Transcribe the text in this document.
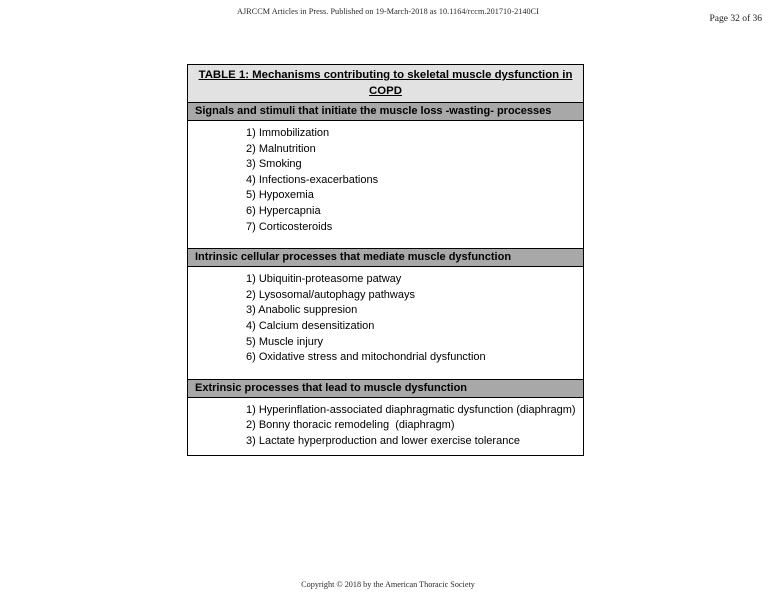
AJRCCM Articles in Press. Published on 19-March-2018 as 10.1164/rccm.201710-2140CI
Page 32 of 36
TABLE 1: Mechanisms contributing to skeletal muscle dysfunction in COPD
Signals and stimuli that initiate the muscle loss -wasting- processes
1) Immobilization
2) Malnutrition
3) Smoking
4) Infections-exacerbations
5) Hypoxemia
6) Hypercapnia
7) Corticosteroids
Intrinsic cellular processes that mediate muscle dysfunction
1) Ubiquitin-proteasome patway
2) Lysosomal/autophagy pathways
3) Anabolic suppresion
4) Calcium desensitization
5) Muscle injury
6) Oxidative stress and mitochondrial dysfunction
Extrinsic processes that lead to muscle dysfunction
1) Hyperinflation-associated diaphragmatic dysfunction (diaphragm)
2) Bonny thoracic remodeling  (diaphragm)
3) Lactate hyperproduction and lower exercise tolerance
Copyright © 2018 by the American Thoracic Society
